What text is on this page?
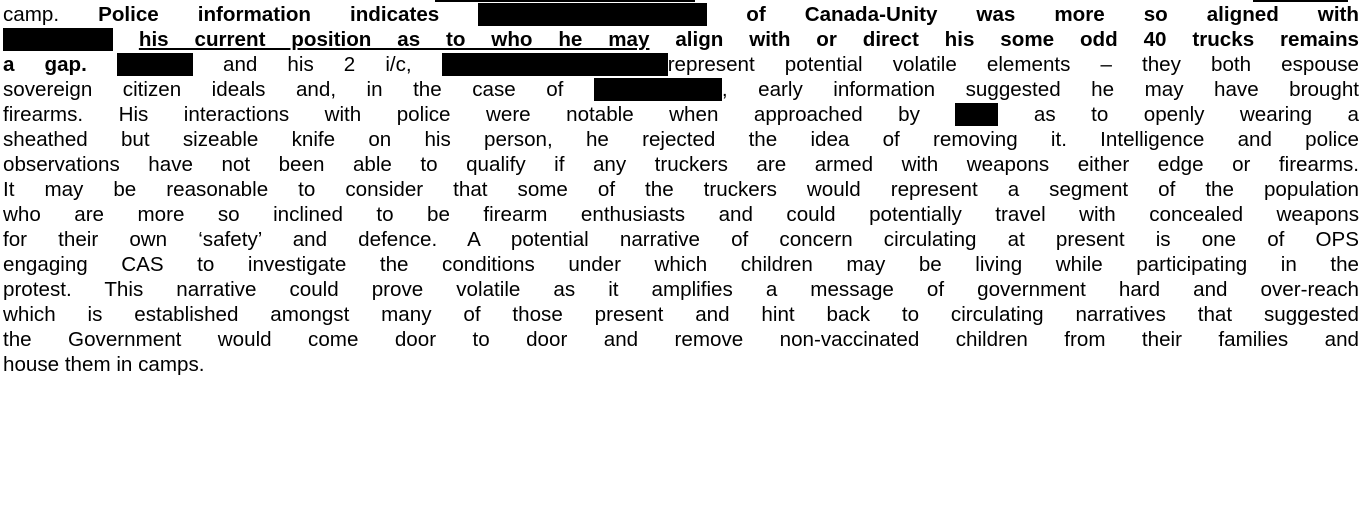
camp. Police information indicates	of Canada-Unity was more so aligned with
his current position as to who he may align with or direct his some odd 40 trucks remains
a gap.	and his 2 i/c,	represent potential volatile elements – they both espouse
sovereign citizen ideals and, in the case of	, early information suggested he may have brought
firearms. His interactions with police were notable when approached by  as to openly wearing a
sheathed but sizeable knife on his person, he rejected the idea of removing it. Intelligence and police
observations have not been able to qualify if any truckers are armed with weapons either edge or firearms.
It may be reasonable to consider that some of the truckers would represent a segment of the population
who are more so inclined to be firearm enthusiasts and could potentially travel with concealed weapons
for their own ‘safety’ and defence. A potential narrative of concern circulating at present is one of OPS
engaging CAS to investigate the conditions under which children may be living while participating in the
protest. This narrative could prove volatile as it amplifies a message of government hard and over-reach
which is established amongst many of those present and hint back to circulating narratives that suggested
the Government would come door to door and remove non-vaccinated children from their families and
house them in camps.
